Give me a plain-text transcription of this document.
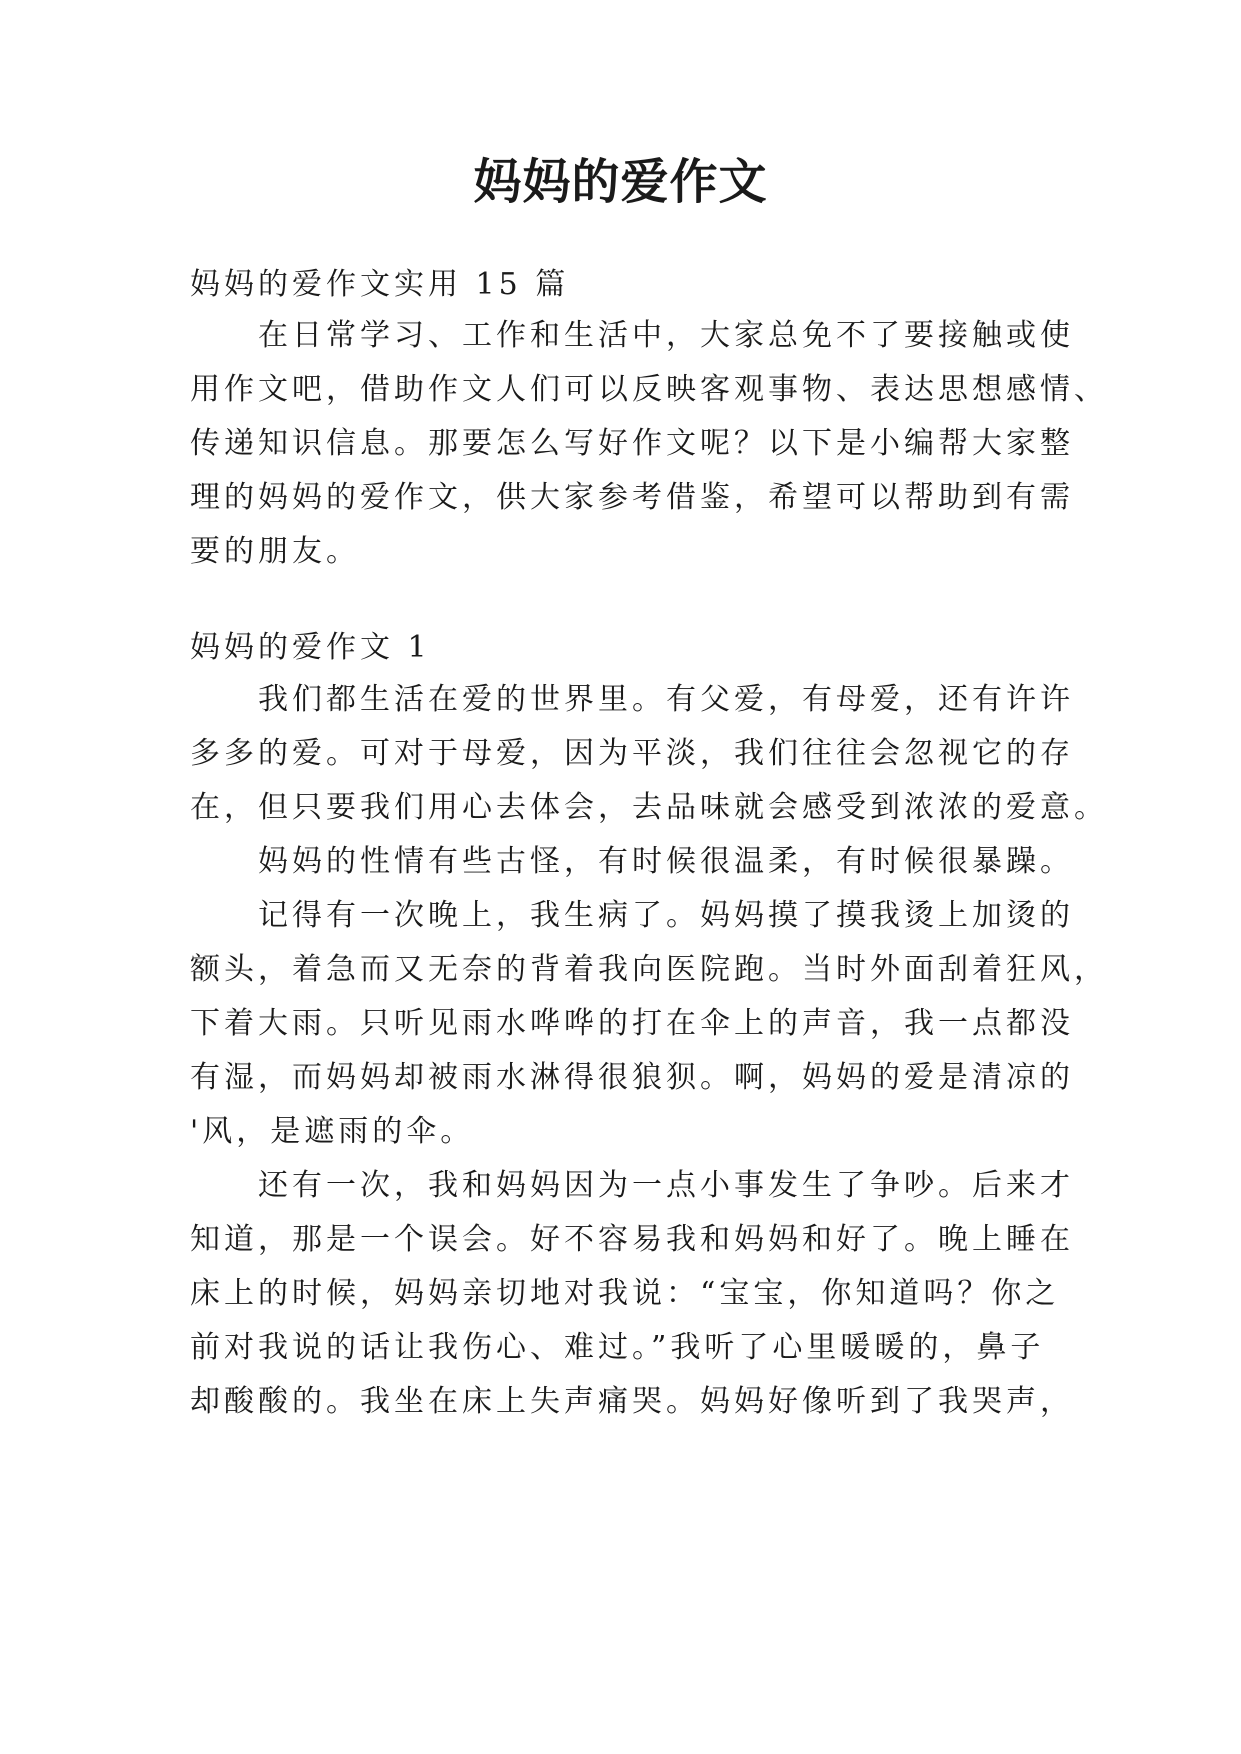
妈妈的爱作文
妈妈的爱作文实用 15 篇
在日常学习、工作和生活中，大家总免不了要接触或使
用作文吧，借助作文人们可以反映客观事物、表达思想感情、
传递知识信息。那要怎么写好作文呢？以下是小编帮大家整
理的妈妈的爱作文，供大家参考借鉴，希望可以帮助到有需
要的朋友。
妈妈的爱作文 1
我们都生活在爱的世界里。有父爱，有母爱，还有许许
多多的爱。可对于母爱，因为平淡，我们往往会忽视它的存
在，但只要我们用心去体会，去品味就会感受到浓浓的爱意。
妈妈的性情有些古怪，有时候很温柔，有时候很暴躁。
记得有一次晚上，我生病了。妈妈摸了摸我烫上加烫的
额头，着急而又无奈的背着我向医院跑。当时外面刮着狂风，
下着大雨。只听见雨水哗哗的打在伞上的声音，我一点都没
有湿，而妈妈却被雨水淋得很狼狈。啊，妈妈的爱是清凉的
'风，是遮雨的伞。
还有一次，我和妈妈因为一点小事发生了争吵。后来才
知道，那是一个误会。好不容易我和妈妈和好了。晚上睡在
床上的时候，妈妈亲切地对我说：“宝宝，你知道吗？你之
前对我说的话让我伤心、难过。”我听了心里暖暖的，鼻子
却酸酸的。我坐在床上失声痛哭。妈妈好像听到了我哭声，
